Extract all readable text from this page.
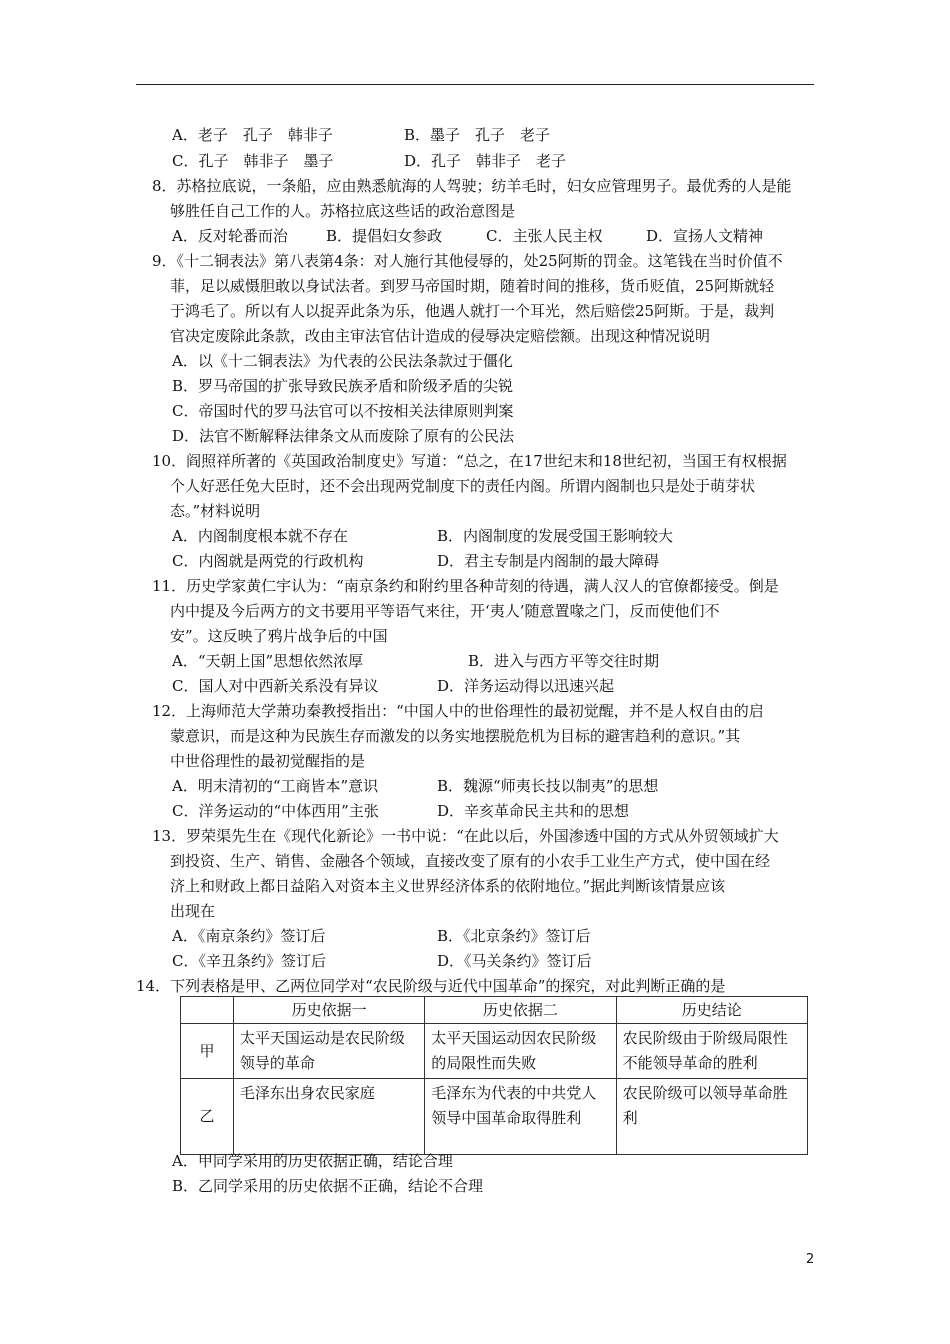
A．老子　孔子　韩非子	B．墨子　孔子　老子
C．孔子　韩非子　墨子	D．孔子　韩非子　老子
8．苏格拉底说，一条船，应由熟悉航海的人驾驶；纺羊毛时，妇女应管理男子。最优秀的人是能
够胜任自己工作的人。苏格拉底这些话的政治意图是
A．反对轮番而治	B．提倡妇女参政	C．主张人民主权	D．宣扬人文精神
9．《十二铜表法》第八表第4条：对人施行其他侵辱的，处25阿斯的罚金。这笔钱在当时价值不
菲，足以威慑胆敢以身试法者。到罗马帝国时期，随着时间的推移，货币贬值，25阿斯就轻
于鸿毛了。所以有人以捉弄此条为乐，他遇人就打一个耳光，然后赔偿25阿斯。于是，裁判
官决定废除此条款，改由主审法官估计造成的侵辱决定赔偿额。出现这种情况说明
A．以《十二铜表法》为代表的公民法条款过于僵化
B．罗马帝国的扩张导致民族矛盾和阶级矛盾的尖锐
C．帝国时代的罗马法官可以不按相关法律原则判案
D．法官不断解释法律条文从而废除了原有的公民法
10．阎照祥所著的《英国政治制度史》写道：“总之，在17世纪末和18世纪初，当国王有权根据
个人好恶任免大臣时，还不会出现两党制度下的责任内阁。所谓内阁制也只是处于萌芽状
态。”材料说明
A．内阁制度根本就不存在	B．内阁制度的发展受国王影响较大
C．内阁就是两党的行政机构	D．君主专制是内阁制的最大障碍
11．历史学家黄仁宇认为：“南京条约和附约里各种苛刻的待遇，满人汉人的官僚都接受。倒是
内中提及今后两方的文书要用平等语气来往，开‘夷人’随意置喙之门，反而使他们不
安”。这反映了鸦片战争后的中国
A．“天朝上国”思想依然浓厚	B．进入与西方平等交往时期
C．国人对中西新关系没有异议	D．洋务运动得以迅速兴起
12．上海师范大学萧功秦教授指出：“中国人中的世俗理性的最初觉醒，并不是人权自由的启
蒙意识，而是这种为民族生存而激发的以务实地摆脱危机为目标的避害趋利的意识。”其
中世俗理性的最初觉醒指的是
A．明末清初的“工商皆本”意识	B．魏源“师夷长技以制夷”的思想
C．洋务运动的“中体西用”主张	D．辛亥革命民主共和的思想
13．罗荣渠先生在《现代化新论》一书中说：“在此以后，外国渗透中国的方式从外贸领域扩大
到投资、生产、销售、金融各个领域，直接改变了原有的小农手工业生产方式，使中国在经
济上和财政上都日益陷入对资本主义世界经济体系的依附地位。”据此判断该情景应该
出现在
A．《南京条约》签订后	B．《北京条约》签订后
C．《辛丑条约》签订后	D．《马关条约》签订后
14．下列表格是甲、乙两位同学对“农民阶级与近代中国革命”的探究，对此判断正确的是
	历史依据一	历史依据二	历史结论
甲	太平天国运动是农民阶级领导的革命	太平天国运动因农民阶级的局限性而失败	农民阶级由于阶级局限性不能领导革命的胜利
乙	毛泽东出身农民家庭	毛泽东为代表的中共党人领导中国革命取得胜利	农民阶级可以领导革命胜利
A．甲同学采用的历史依据正确，结论合理
B．乙同学采用的历史依据不正确，结论不合理
2
